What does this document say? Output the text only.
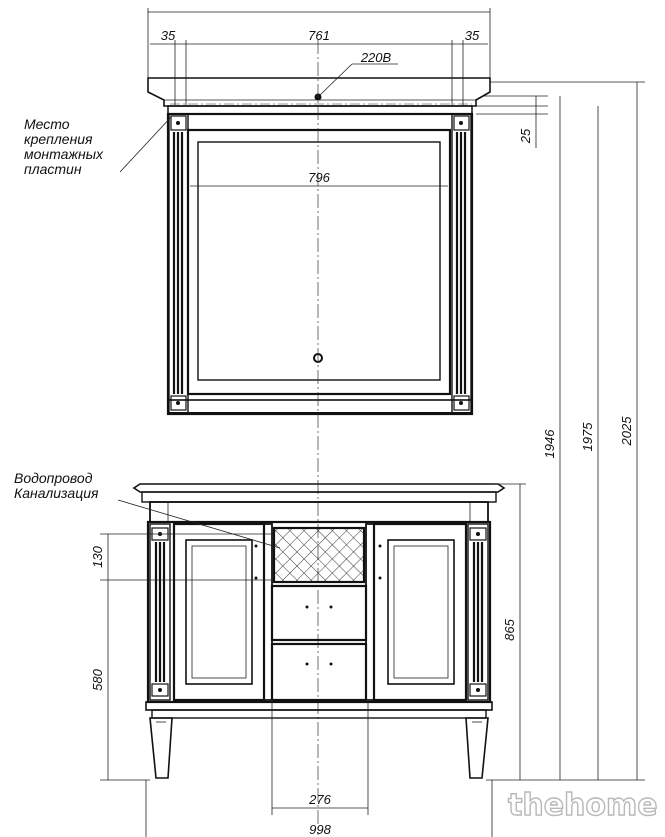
35	761	35
220В
796
Место
крепления
монтажных
пластин
Водопровод
Канализация
25
1946 1975 2025
865
130
580
276
998
thehome
